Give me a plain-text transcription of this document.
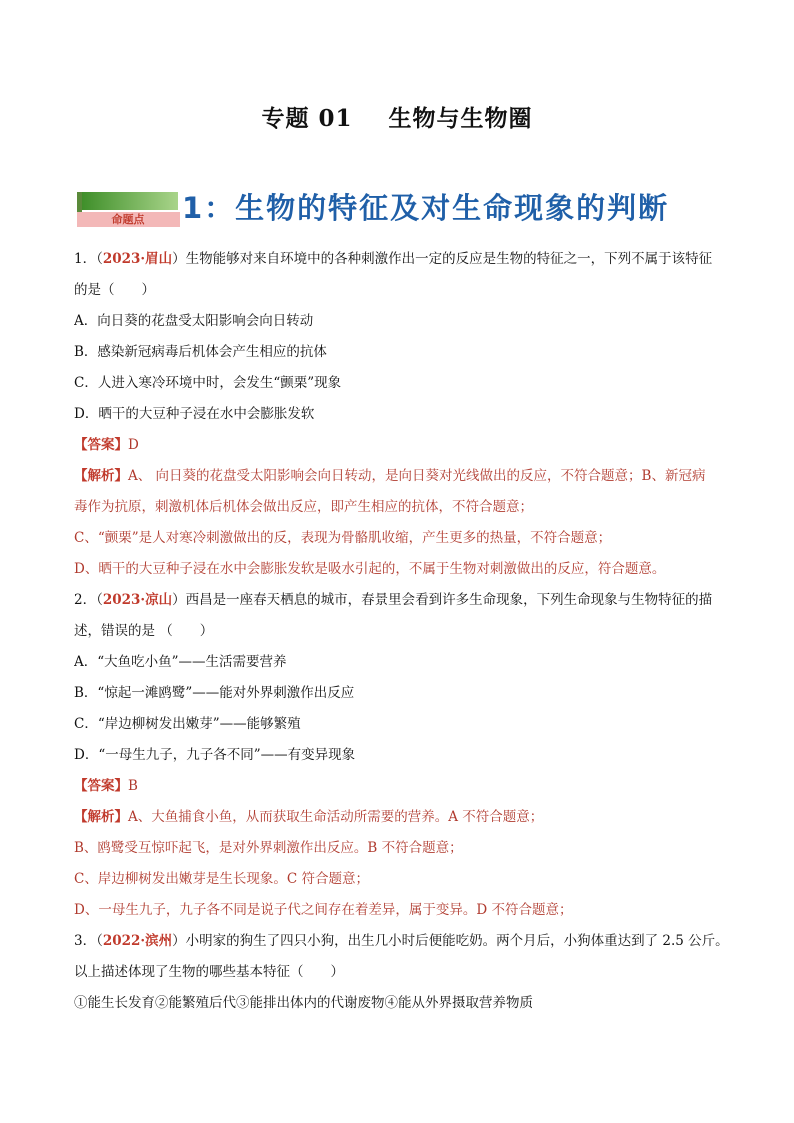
专题 01 生物与生物圈
命题点 1：生物的特征及对生命现象的判断
1．（2023·眉山）生物能够对来自环境中的各种刺激作出一定的反应是生物的特征之一，下列不属于该特征
的是（　　）
A．向日葵的花盘受太阳影响会向日转动
B．感染新冠病毒后机体会产生相应的抗体
C．人进入寒冷环境中时，会发生“颤栗”现象
D．晒干的大豆种子浸在水中会膨胀发软
【答案】D
【解析】A、 向日葵的花盘受太阳影响会向日转动，是向日葵对光线做出的反应，不符合题意；B、新冠病
毒作为抗原，刺激机体后机体会做出反应，即产生相应的抗体，不符合题意；
C、“颤栗”是人对寒冷刺激做出的反，表现为骨骼肌收缩，产生更多的热量，不符合题意；
D、晒干的大豆种子浸在水中会膨胀发软是吸水引起的，不属于生物对刺激做出的反应，符合题意。
2．（2023·凉山）西昌是一座春天栖息的城市，春景里会看到许多生命现象，下列生命现象与生物特征的描
述，错误的是 （　　）
A．“大鱼吃小鱼”——生活需要营养
B．“惊起一滩鸥鹭”——能对外界刺激作出反应
C．“岸边柳树发出嫩芽”——能够繁殖
D．“一母生九子，九子各不同”——有变异现象
【答案】B
【解析】A、大鱼捕食小鱼，从而获取生命活动所需要的营养。A 不符合题意；
B、鸥鹭受互惊吓起飞，是对外界刺激作出反应。B 不符合题意；
C、岸边柳树发出嫩芽是生长现象。C 符合题意；
D、一母生九子，九子各不同是说子代之间存在着差异，属于变异。D 不符合题意；
3．（2022·滨州）小明家的狗生了四只小狗，出生几小时后便能吃奶。两个月后，小狗体重达到了 2.5 公斤。
以上描述体现了生物的哪些基本特征（　　）
①能生长发育②能繁殖后代③能排出体内的代谢废物④能从外界摄取营养物质
